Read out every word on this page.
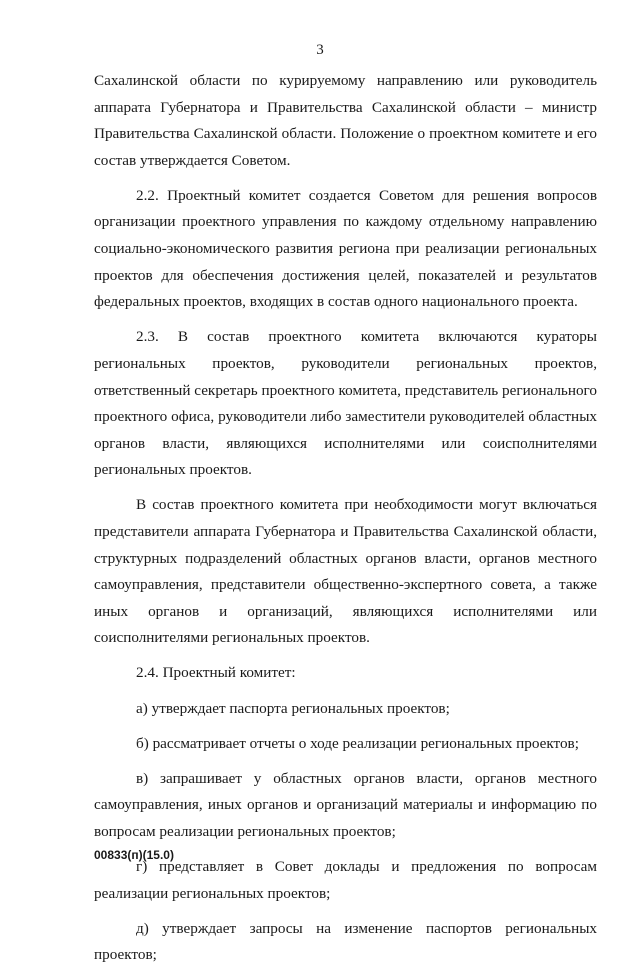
3

Сахалинской области по курируемому направлению или руководитель аппарата Губернатора и Правительства Сахалинской области – министр Правительства Сахалинской области. Положение о проектном комитете и его состав утверждается Советом.

2.2. Проектный комитет создается Советом для решения вопросов организации проектного управления по каждому отдельному направлению социально-экономического развития региона при реализации региональных проектов для обеспечения достижения целей, показателей и результатов федеральных проектов, входящих в состав одного национального проекта.

2.3. В состав проектного комитета включаются кураторы региональных проектов, руководители региональных проектов, ответственный секретарь проектного комитета, представитель регионального проектного офиса, руководители либо заместители руководителей областных органов власти, являющихся исполнителями или соисполнителями региональных проектов.

В состав проектного комитета при необходимости могут включаться представители аппарата Губернатора и Правительства Сахалинской области, структурных подразделений областных органов власти, органов местного самоуправления, представители общественно-экспертного совета, а также иных органов и организаций, являющихся исполнителями или соисполнителями региональных проектов.

2.4. Проектный комитет:

а) утверждает паспорта региональных проектов;

б) рассматривает отчеты о ходе реализации региональных проектов;

в) запрашивает у областных органов власти, органов местного самоуправления, иных органов и организаций материалы и информацию по вопросам реализации региональных проектов;

г) представляет в Совет доклады и предложения по вопросам реализации региональных проектов;

д) утверждает запросы на изменение паспортов региональных проектов;

00833(п)(15.0)
